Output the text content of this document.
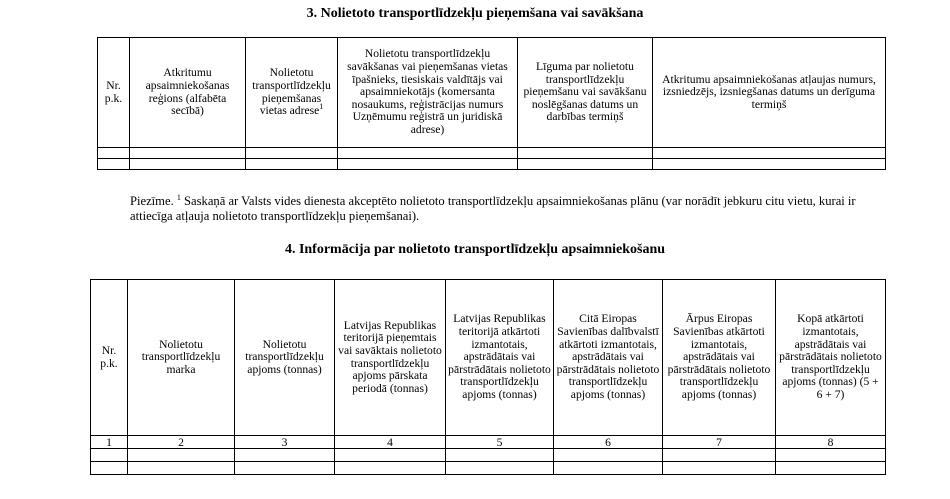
3. Nolietoto transportlīdzekļu pieņemšana vai savākšana
Nr. p.k.	Atkritumu apsaimniekošanas reģions (alfabēta secībā)	Nolietotu transportlīdzekļu pieņemšanas vietas adrese$^1$	Nolietotu transportlīdzekļu savākšanas vai pieņemšanas vietas īpašnieks, tiesiskais valdītājs vai apsaimniekotājs (komersanta nosaukums, reģistrācijas numurs Uzņēmumu reģistrā un juridiskā adrese)	Līguma par nolietotu transportlīdzekļu pieņemšanu vai savākšanu noslēgšanas datums un darbības termiņš	Atkritumu apsaimniekošanas atļaujas numurs, izsniedzējs, izsniegšanas datums un derīguma termiņš

Piezīme. $^1$ Saskaņā ar Valsts vides dienesta akceptēto nolietoto transportlīdzekļu apsaimniekošanas plānu (var norādīt jebkuru citu vietu, kurai ir attiecīga atļauja nolietoto transportlīdzekļu pieņemšanai).
4. Informācija par nolietoto transportlīdzekļu apsaimniekošanu
Nr. p.k.	Nolietotu transportlīdzekļu marka	Nolietotu transportlīdzekļu apjoms (tonnas)	Latvijas Republikas teritorijā pieņemtais vai savāktais nolietoto transportlīdzekļu apjoms pārskata periodā (tonnas)	Latvijas Republikas teritorijā atkārtoti izmantotais, apstrādātais vai pārstrādātais nolietoto transportlīdzekļu apjoms (tonnas)	Citā Eiropas Savienības dalībvalstī atkārtoti izmantotais, apstrādātais vai pārstrādātais nolietoto transportlīdzekļu apjoms (tonnas)	Ārpus Eiropas Savienības atkārtoti izmantotais, apstrādātais vai pārstrādātais nolietoto transportlīdzekļu apjoms (tonnas)	Kopā atkārtoti izmantotais, apstrādātais vai pārstrādātais nolietoto transportlīdzekļu apjoms (tonnas) (5 + 6 + 7)
1	2	3	4	5	6	7	8
